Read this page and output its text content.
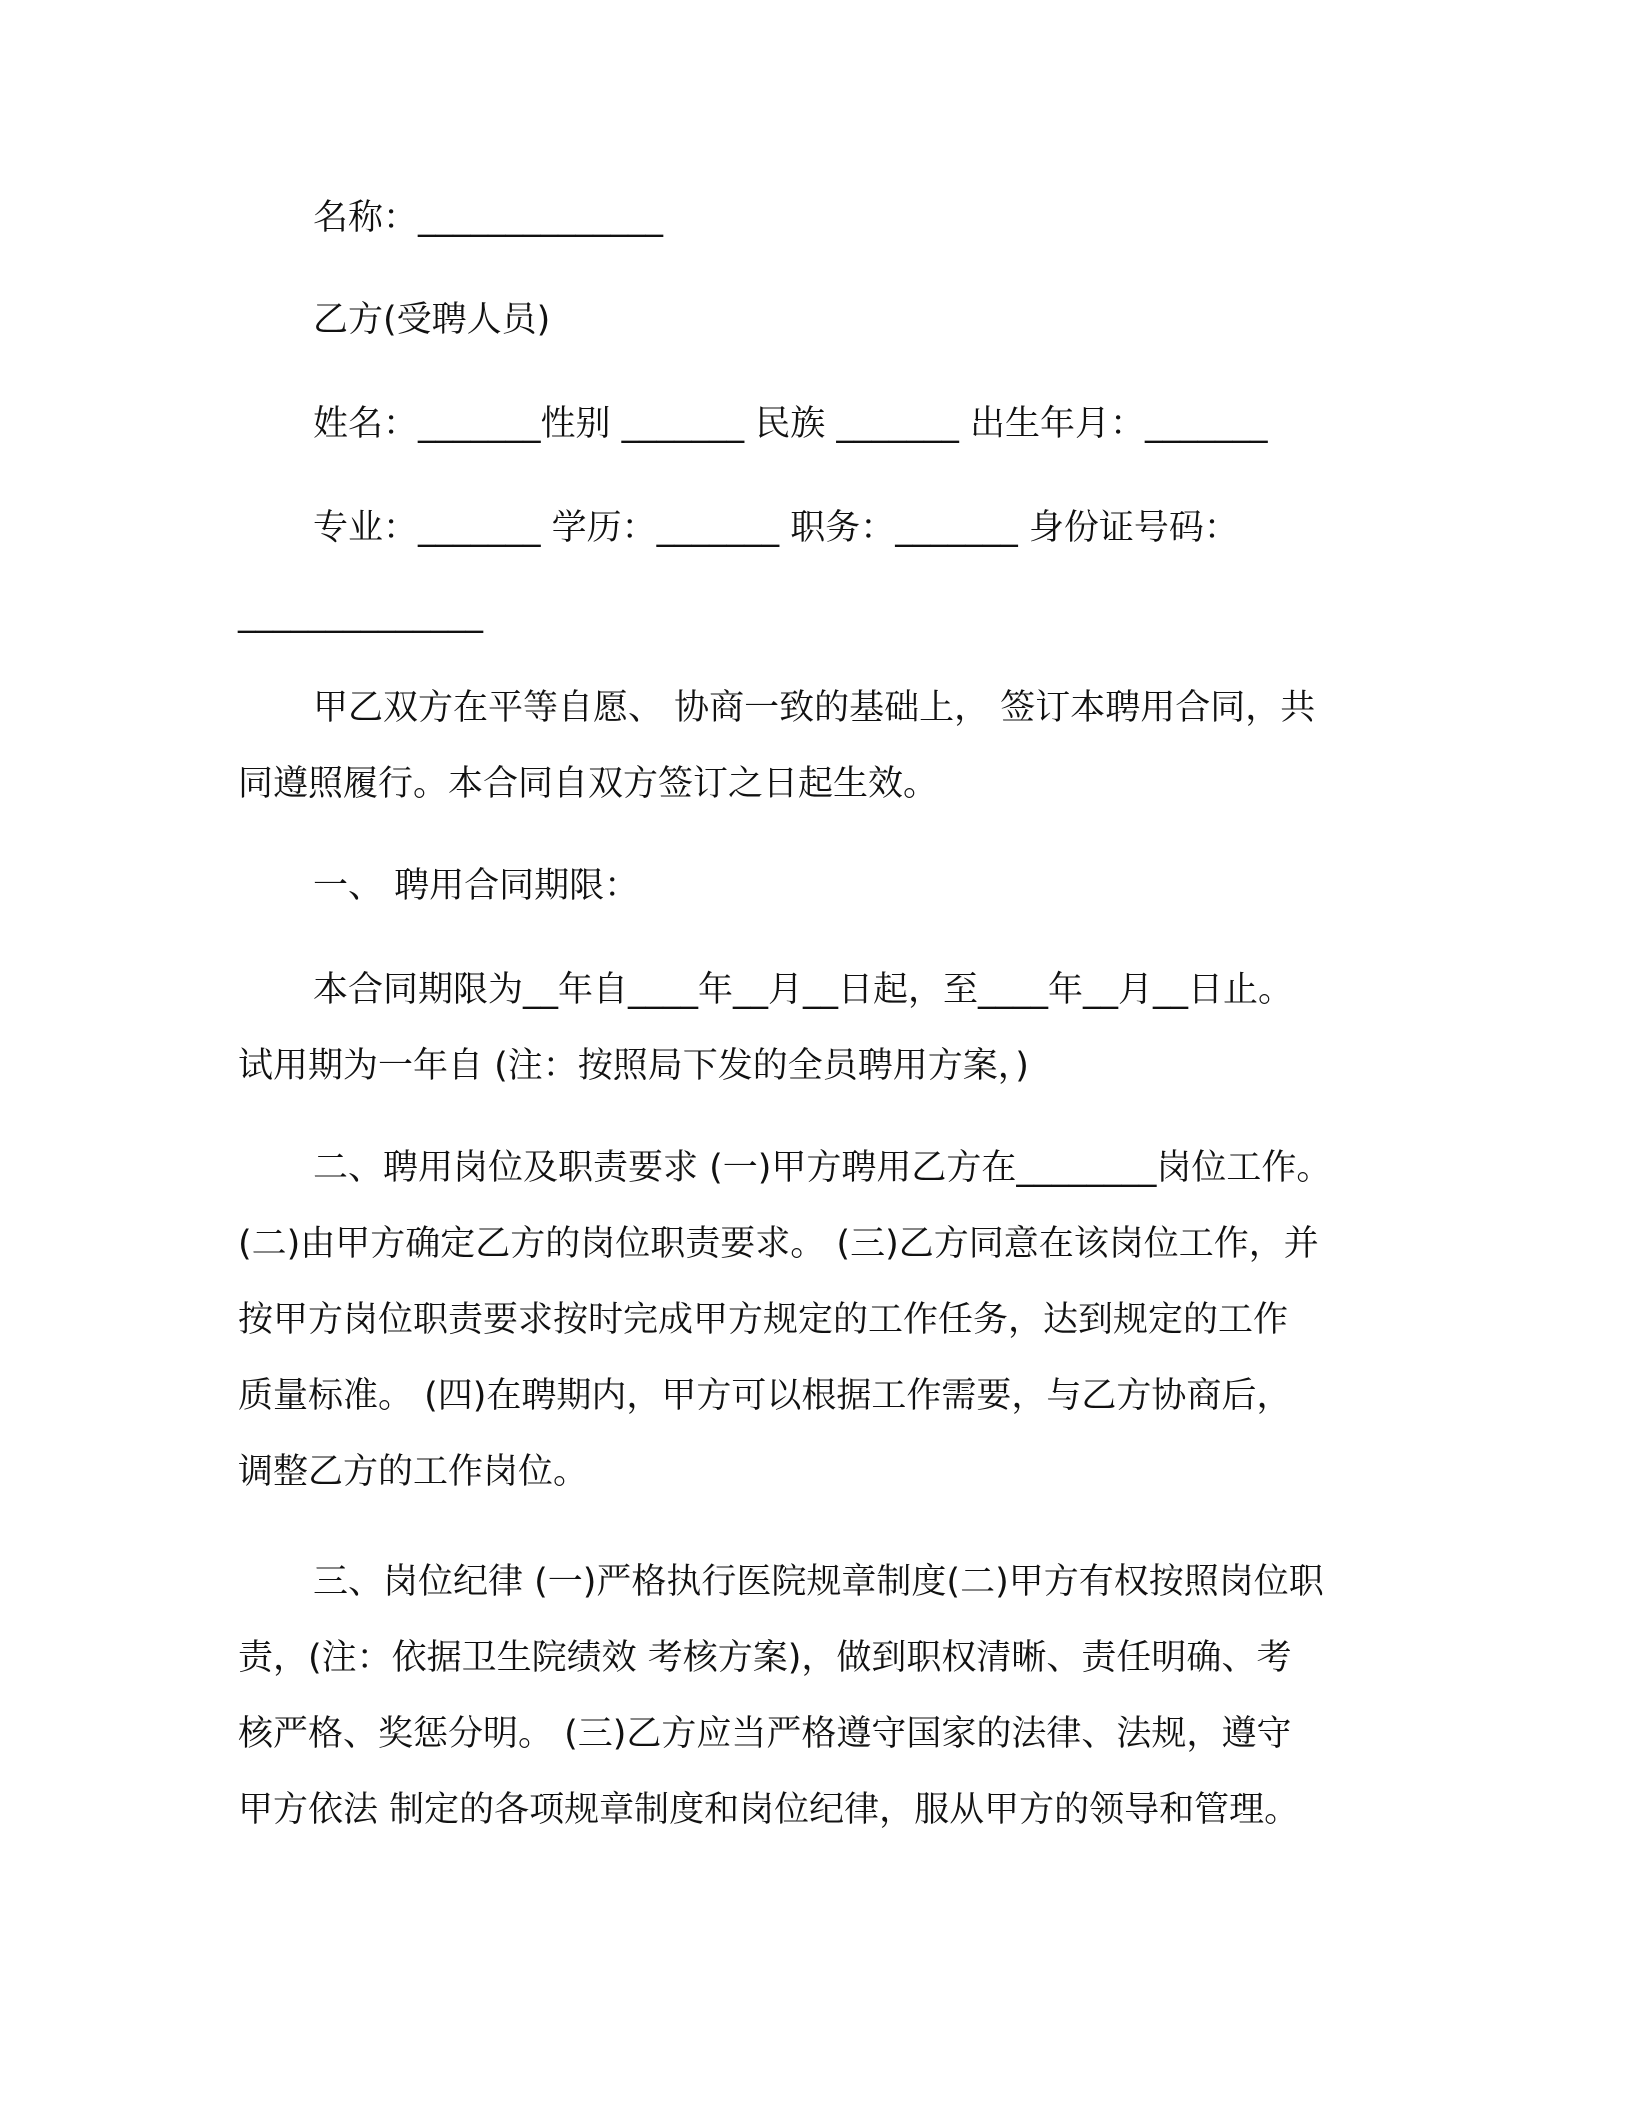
名称：______________
乙方(受聘人员)
姓名：_______性别 _______ 民族 _______ 出生年月：_______
专业：_______ 学历：_______ 职务：_______ 身份证号码：
______________
甲乙双方在平等自愿、 协商一致的基础上， 签订本聘用合同，共
同遵照履行。本合同自双方签订之日起生效。
一、 聘用合同期限：
本合同期限为__年自____年__月__日起，至____年__月__日止。
试用期为一年自 (注：按照局下发的全员聘用方案，)
二、聘用岗位及职责要求 (一)甲方聘用乙方在________岗位工作。
(二)由甲方确定乙方的岗位职责要求。 (三)乙方同意在该岗位工作，并
按甲方岗位职责要求按时完成甲方规定的工作任务，达到规定的工作
质量标准。 (四)在聘期内，甲方可以根据工作需要，与乙方协商后，
调整乙方的工作岗位。
三、岗位纪律 (一)严格执行医院规章制度(二)甲方有权按照岗位职
责，(注：依据卫生院绩效 考核方案)，做到职权清晰、责任明确、考
核严格、奖惩分明。 (三)乙方应当严格遵守国家的法律、法规，遵守
甲方依法 制定的各项规章制度和岗位纪律，服从甲方的领导和管理。
